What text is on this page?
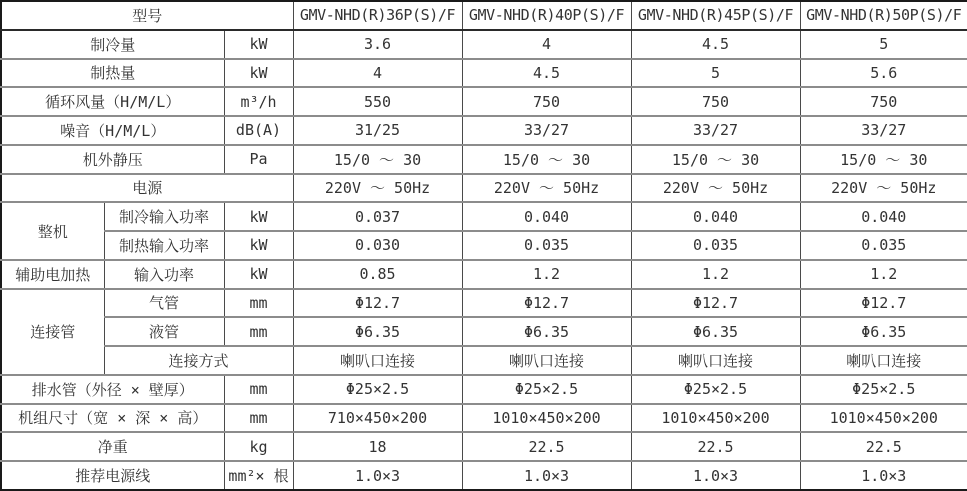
型号			GMV-NHD(R)36P(S)/F	GMV-NHD(R)40P(S)/F	GMV-NHD(R)45P(S)/F	GMV-NHD(R)50P(S)/F
制冷量		kW	3.6	4	4.5	5
制热量		kW	4	4.5	5	5.6
循环风量（H/M/L）		m³/h	550	750	750	750
噪音（H/M/L）		dB(A)	31/25	33/27	33/27	33/27
机外静压		Pa	15/0 ～ 30	15/0 ～ 30	15/0 ～ 30	15/0 ～ 30
电源			220V ～ 50Hz	220V ～ 50Hz	220V ～ 50Hz	220V ～ 50Hz
整机	制冷输入功率	kW	0.037	0.040	0.040	0.040
	制热输入功率	kW	0.030	0.035	0.035	0.035
辅助电加热	输入功率	kW	0.85	1.2	1.2	1.2
连接管	气管	mm	Φ12.7	Φ12.7	Φ12.7	Φ12.7
	液管	mm	Φ6.35	Φ6.35	Φ6.35	Φ6.35
	连接方式		喇叭口连接	喇叭口连接	喇叭口连接	喇叭口连接
排水管（外径 × 壁厚）		mm	Φ25×2.5	Φ25×2.5	Φ25×2.5	Φ25×2.5
机组尺寸（宽 × 深 × 高）		mm	710×450×200	1010×450×200	1010×450×200	1010×450×200
净重		kg	18	22.5	22.5	22.5
推荐电源线		mm²× 根	1.0×3	1.0×3	1.0×3	1.0×3
